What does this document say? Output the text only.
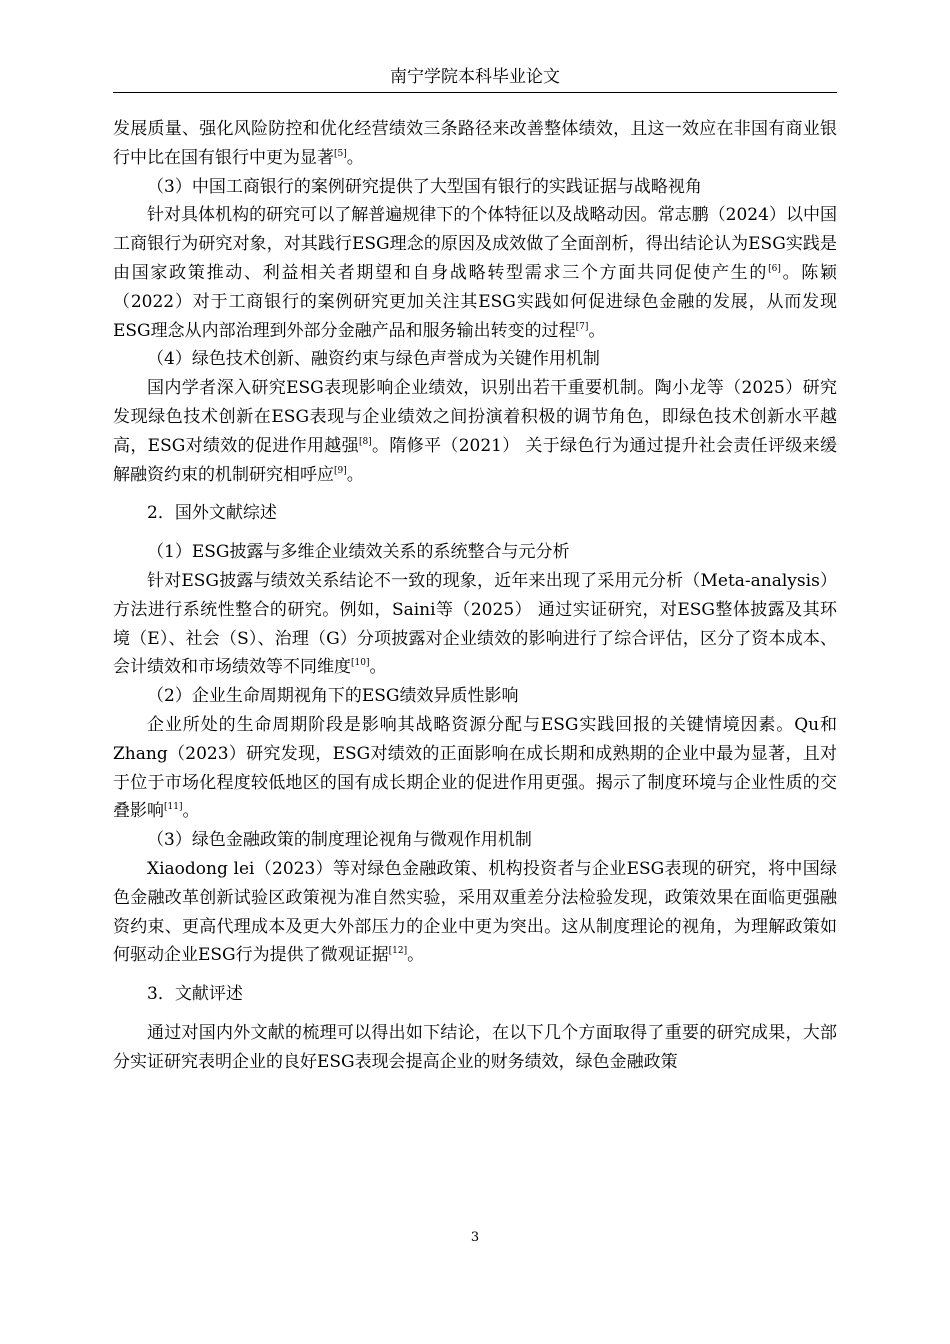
南宁学院本科毕业论文

发展质量、强化风险防控和优化经营绩效三条路径来改善整体绩效，且这一效应在非国有商业银行中比在国有银行中更为显著[5]。

（3）中国工商银行的案例研究提供了大型国有银行的实践证据与战略视角

针对具体机构的研究可以了解普遍规律下的个体特征以及战略动因。常志鹏（2024）以中国工商银行为研究对象，对其践行ESG理念的原因及成效做了全面剖析，得出结论认为ESG实践是由国家政策推动、利益相关者期望和自身战略转型需求三个方面共同促使产生的[6]。陈颖（2022）对于工商银行的案例研究更加关注其ESG实践如何促进绿色金融的发展，从而发现ESG理念从内部治理到外部分金融产品和服务输出转变的过程[7]。

（4）绿色技术创新、融资约束与绿色声誉成为关键作用机制

国内学者深入研究ESG表现影响企业绩效，识别出若干重要机制。陶小龙等（2025）研究发现绿色技术创新在ESG表现与企业绩效之间扮演着积极的调节角色，即绿色技术创新水平越高，ESG对绩效的促进作用越强[8]。隋修平（2021） 关于绿色行为通过提升社会责任评级来缓解融资约束的机制研究相呼应[9]。

2．国外文献综述

（1）ESG披露与多维企业绩效关系的系统整合与元分析

针对ESG披露与绩效关系结论不一致的现象，近年来出现了采用元分析（Meta-analysis）方法进行系统性整合的研究。例如，Saini等（2025） 通过实证研究，对ESG整体披露及其环境（E）、社会（S）、治理（G）分项披露对企业绩效的影响进行了综合评估，区分了资本成本、会计绩效和市场绩效等不同维度[10]。

（2）企业生命周期视角下的ESG绩效异质性影响

企业所处的生命周期阶段是影响其战略资源分配与ESG实践回报的关键情境因素。Qu和Zhang（2023）研究发现，ESG对绩效的正面影响在成长期和成熟期的企业中最为显著，且对于位于市场化程度较低地区的国有成长期企业的促进作用更强。揭示了制度环境与企业性质的交叠影响[11]。

（3）绿色金融政策的制度理论视角与微观作用机制

Xiaodong lei（2023）等对绿色金融政策、机构投资者与企业ESG表现的研究，将中国绿色金融改革创新试验区政策视为准自然实验，采用双重差分法检验发现，政策效果在面临更强融资约束、更高代理成本及更大外部压力的企业中更为突出。这从制度理论的视角，为理解政策如何驱动企业ESG行为提供了微观证据[12]。

3．文献评述

通过对国内外文献的梳理可以得出如下结论，在以下几个方面取得了重要的研究成果，大部分实证研究表明企业的良好ESG表现会提高企业的财务绩效，绿色金融政策

3
